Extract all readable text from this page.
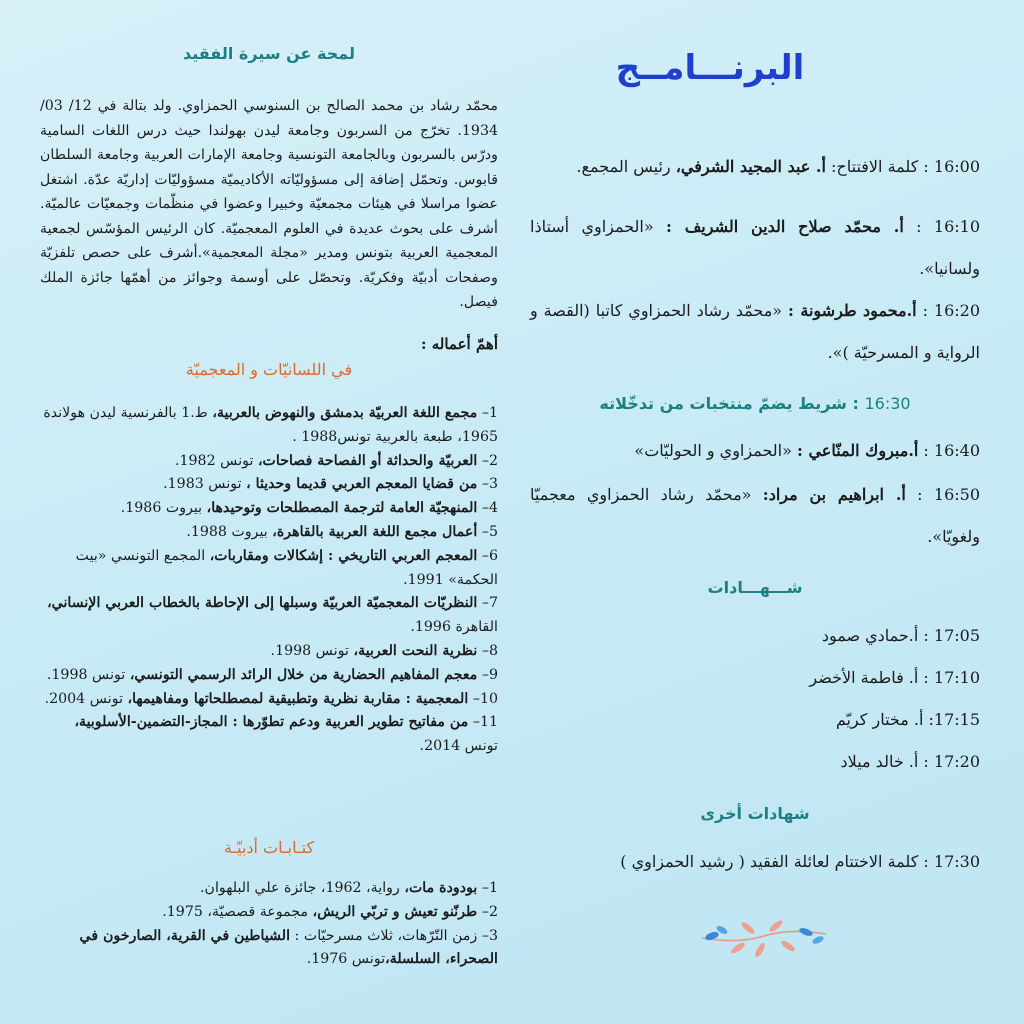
لمحة عن سيرة الفقيد
محمّد رشاد بن محمد الصالح بن السنوسي الحمزاوي. ولد بتالة في 12/ 03/ 1934. تخرّج من السربون وجامعة ليدن بهولندا حيث درس اللغات السامية ودرّس بالسربون وبالجامعة التونسية وجامعة الإمارات العربية وجامعة السلطان قابوس. وتحمّل إضافة إلى مسؤوليّاته الأكاديميّة مسؤوليّات إداريّة عدّة. اشتغل عضوا مراسلا في هيئات مجمعيّة وخبيرا وعضوا في منظّمات وجمعيّات عالميّة. أشرف على بحوث عديدة في العلوم المعجميّة. كان الرئيس المؤسّس لجمعية المعجمية العربية بتونس ومدير «مجلة المعجمية».أشرف على حصص تلفزيّة وصفحات أدبيّة وفكريّة. وتحصّل على أوسمة وجوائز من أهمّها جائزة الملك فيصل.
أهمّ أعماله :
في اللسانيّات و المعجميّة
1– مجمع اللغة العربيّة بدمشق والنهوض بالعربية، ط.1 بالفرنسية ليدن هولاندة 1965، طبعة بالعربية تونس1988 .
2– العربيّة والحداثة أو الفصاحة فصاحات، تونس 1982.
3– من قضايا المعجم العربي قديما وحديثا ، تونس 1983.
4– المنهجيّة العامة لترجمة المصطلحات وتوحيدها، بيروت 1986.
5– أعمال مجمع اللغة العربية بالقاهرة، بيروت 1988.
6– المعجم العربي التاريخي : إشكالات ومقاربات، المجمع التونسي «بيت الحكمة» 1991.
7– النظريّات المعجميّة العربيّة وسبلها إلى الإحاطة بالخطاب العربي الإنساني، القاهرة 1996.
8– نظرية النحت العربية، تونس 1998.
9– معجم المفاهيم الحضارية من خلال الرائد الرسمي التونسي، تونس 1998.
10– المعجمية : مقاربة نظرية وتطبيقية لمصطلحاتها ومفاهيمها، تونس 2004.
11– من مفاتيح تطوير العربية ودعم تطوّرها : المجاز-التضمين-الأسلوبية، تونس 2014.
كتـابـات أدبيّـة
1– بودودة مات، رواية، 1962، جائزة علي البلهوان.
2– طرنّنو تعيش و تربّي الريش، مجموعة قصصيّة، 1975.
3– زمن التّرّهات، ثلاث مسرحيّات : الشياطين في القرية، الصارخون في الصحراء، السلسلة،تونس 1976.
البرنـــامــج
16:00 : كلمة الافتتاح: أ. عبد المجيد الشرفي، رئيس المجمع.
16:10 : أ. محمّد صلاح الدين الشريف : «الحمزاوي أستاذا ولسانيا».
16:20 : أ.محمود طرشونة : «محمّد رشاد الحمزاوي كاتبا (القصة و الرواية و المسرحيّة )».
16:30 : شريط يضمّ منتخبات من تدخّلاته
16:40 : أ.مبروك المنّاعي : «الحمزاوي و الحوليّات»
16:50 : أ. ابراهيم بن مراد: «محمّد رشاد الحمزاوي معجميّا ولغويّا».
شـــهـــادات
17:05 : أ.حمادي صمود
17:10 : أ. فاطمة الأخضر
17:15: أ. مختار كريّم
17:20 : أ. خالد ميلاد
شهادات أخرى
17:30 : كلمة الاختتام لعائلة الفقيد ( رشيد الحمزاوي )
